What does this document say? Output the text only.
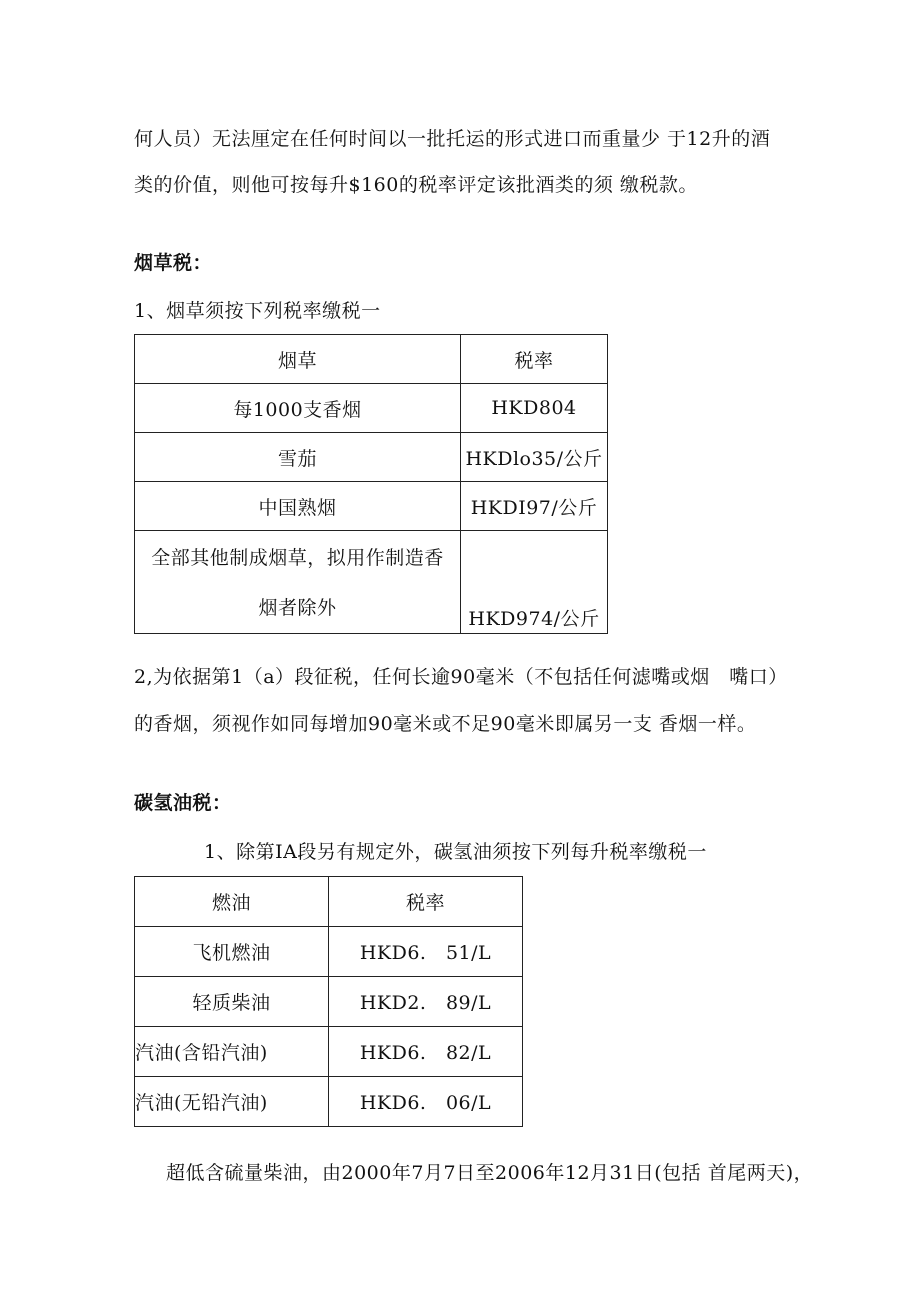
何人员）无法厘定在任何时间以一批托运的形式进口而重量少 于12升的酒
类的价值，则他可按每升$160的税率评定该批酒类的须 缴税款。
烟草税：
1、烟草须按下列税率缴税一
烟草	税率
每1000支香烟	HKD804
雪茄	HKDlo35/公斤
中国熟烟	HKDI97/公斤

全部其他制成烟草，拟用作制造香
烟者除外	HKD974/公斤
2,为依据第1（a）段征税，任何长逾90毫米（不包括任何滤嘴或烟　嘴口）
的香烟，须视作如同每增加90毫米或不足90毫米即属另一支 香烟一样。
碳氢油税：
1、除第IA段另有规定外，碳氢油须按下列每升税率缴税一
燃油	税率
飞机燃油	HKD6.　51/L
轻质柴油	HKD2.　89/L
汽油(含铅汽油)	HKD6.　82/L
汽油(无铅汽油)	HKD6.　06/L
超低含硫量柴油，由2000年7月7日至2006年12月31日(包括 首尾两天)，
